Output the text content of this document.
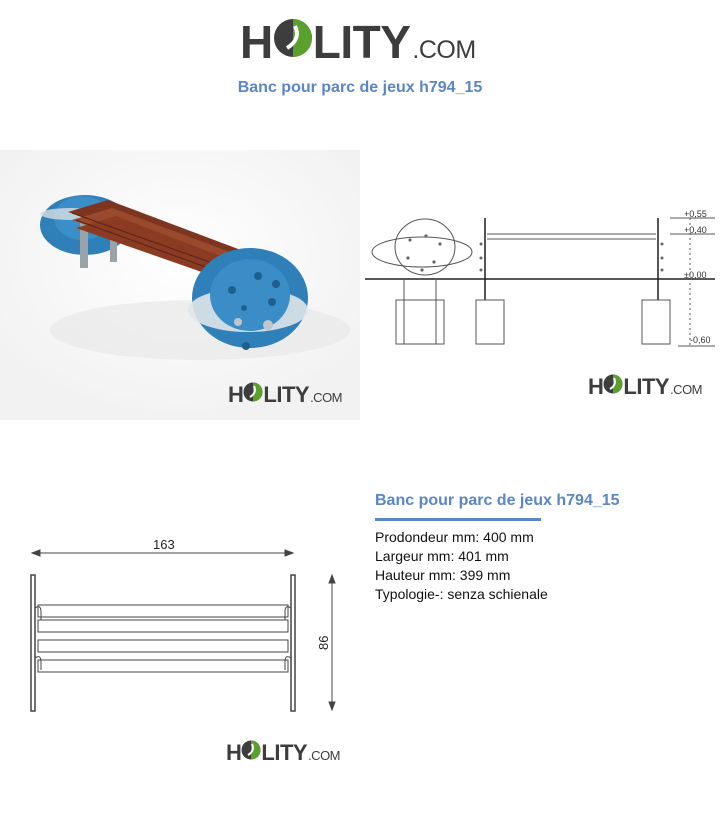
H LITY .COM
Banc pour parc de jeux h794_15
H LITY .COM
+0,55
+0,40
±0,00
-0,60
H LITY .COM
163
86
H LITY .COM
Banc pour parc de jeux h794_15
Prodondeur mm: 400 mm
Largeur mm: 401 mm
Hauteur mm: 399 mm
Typologie-: senza schienale
